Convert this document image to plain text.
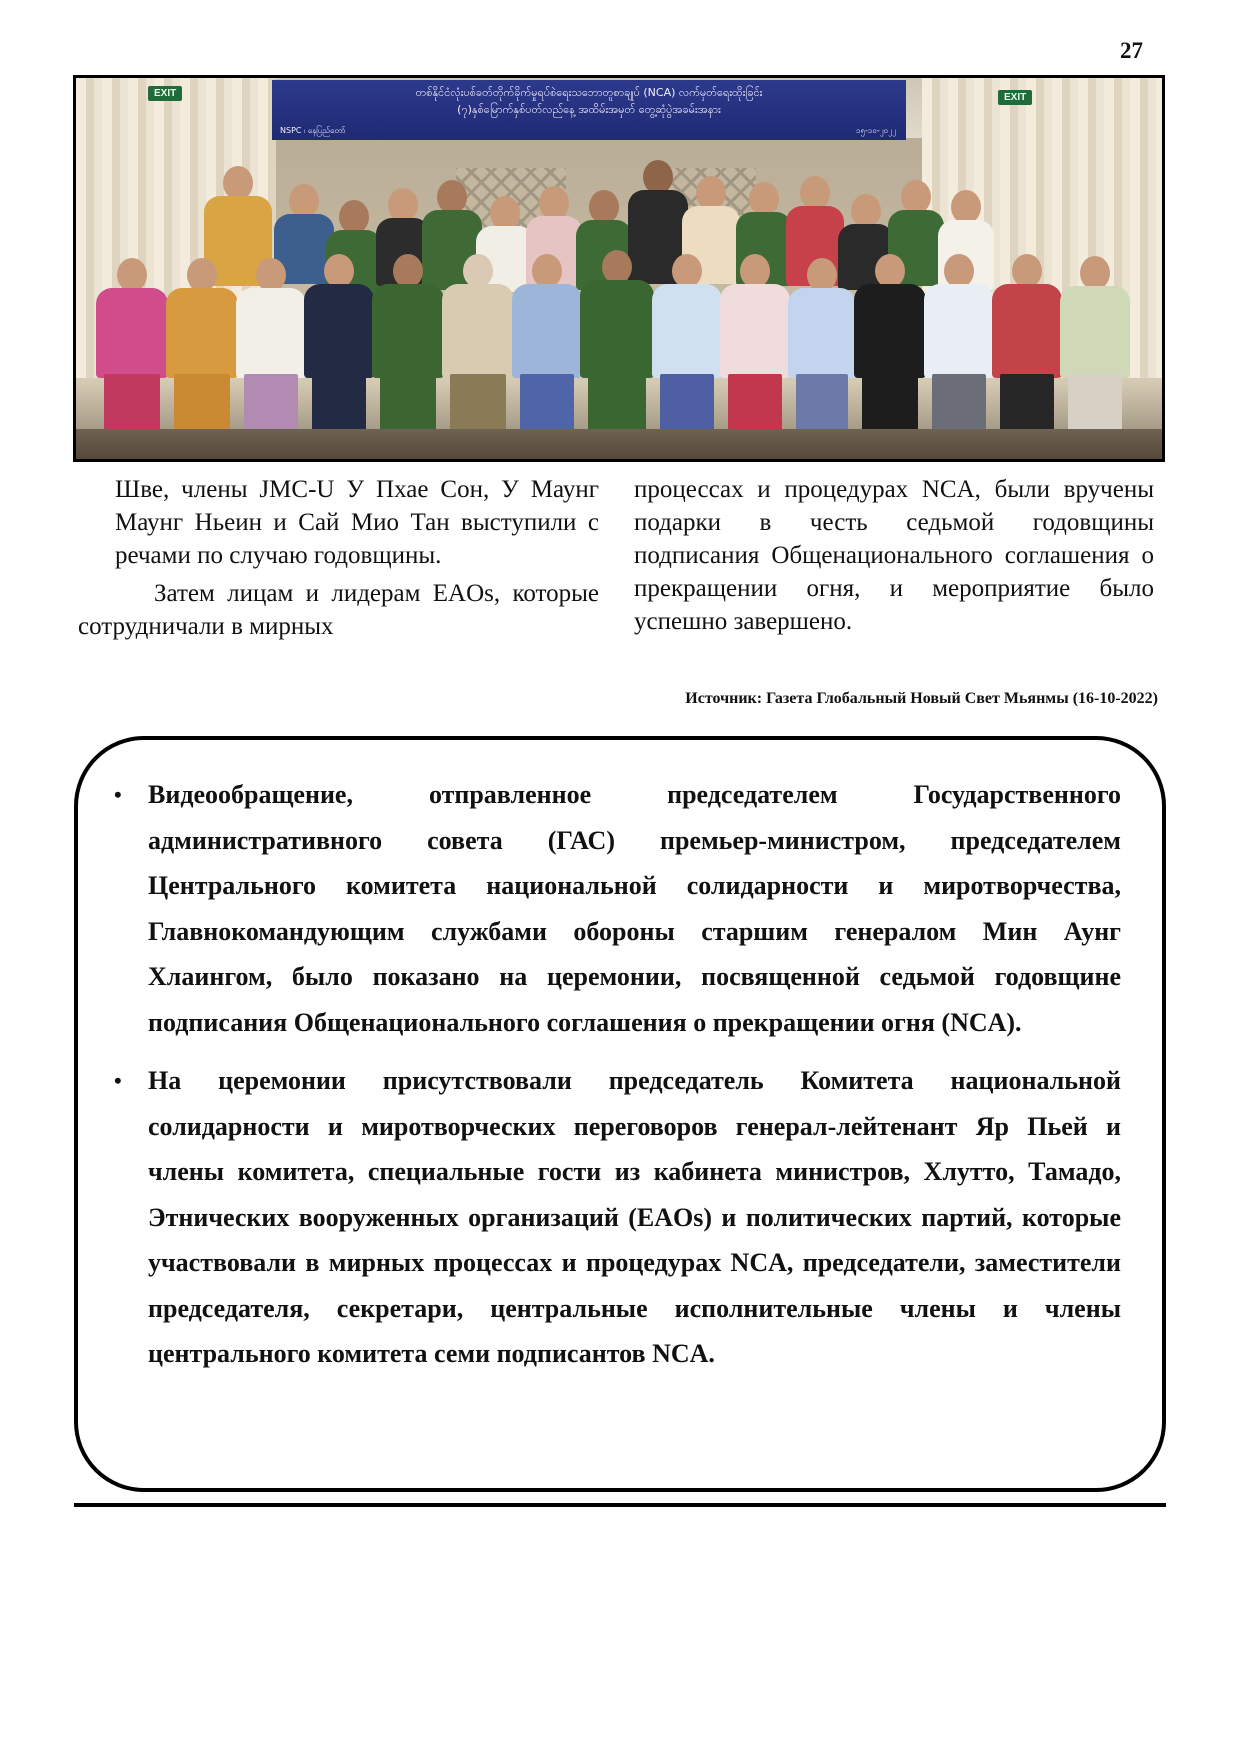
27
EXIT	EXIT
တစ်နိုင်ငံလုံးပစ်ခတ်တိုက်ခိုက်မှုရပ်စဲရေးသဘောတူစာချုပ် (NCA) လက်မှတ်ရေးထိုးခြင်း
(၇)နှစ်မြောက်နှစ်ပတ်လည်နေ့ အထိမ်းအမှတ် တွေ့ဆုံပွဲအခမ်းအနား
NSPC ၊ နေပြည်တော်	၁၅-၁၀-၂၀၂၂

Шве, члены JMC-U У Пхае Сон, У Маунг Маунг Ньеин и Сай Мио Тан выступили с речами по случаю годовщины.

Затем лицам и лидерам EAOs, которые сотрудничали в мирных

процессах и процедурах NCA, были вручены подарки в честь седьмой годовщины подписания Общенационального соглашения о прекращении огня, и мероприятие было успешно завершено.

Источник: Газета Глобальный Новый Свет Мьянмы (16-10-2022)
• Видеообращение, отправленное председателем Государственного административного совета (ГАС) премьер-министром, председателем Центрального комитета национальной солидарности и миротворчества, Главнокомандующим службами обороны старшим генералом Мин Аунг Хлаингом, было показано на церемонии, посвященной седьмой годовщине подписания Общенационального соглашения о прекращении огня (NCA).
• На церемонии присутствовали председатель Комитета национальной солидарности и миротворческих переговоров генерал-лейтенант Яр Пьей и члены комитета, специальные гости из кабинета министров, Хлутто, Тамадо, Этнических вооруженных организаций (EAOs) и политических партий, которые участвовали в мирных процессах и процедурах NCA, председатели, заместители председателя, секретари, центральные исполнительные члены и члены центрального комитета семи подписантов NCA.
